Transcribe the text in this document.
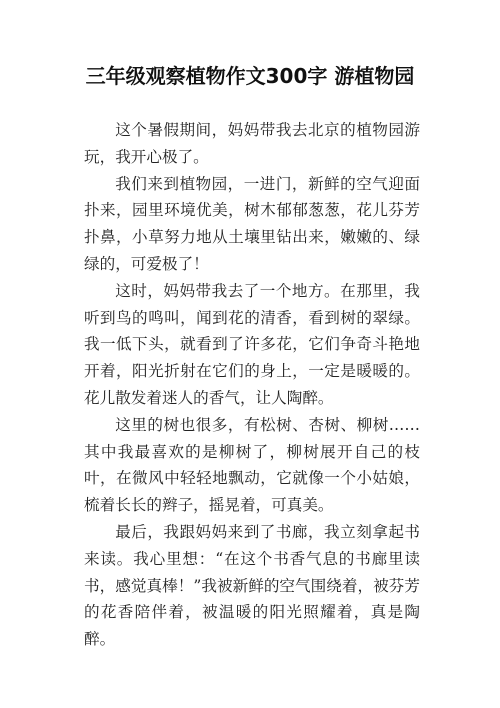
三年级观察植物作文300字 游植物园

这个暑假期间，妈妈带我去北京的植物园游玩，我开心极了。

我们来到植物园，一进门，新鲜的空气迎面扑来，园里环境优美，树木郁郁葱葱，花儿芬芳扑鼻，小草努力地从土壤里钻出来，嫩嫩的、绿绿的，可爱极了！

这时，妈妈带我去了一个地方。在那里，我听到鸟的鸣叫，闻到花的清香，看到树的翠绿。我一低下头，就看到了许多花，它们争奇斗艳地开着，阳光折射在它们的身上，一定是暖暖的。花儿散发着迷人的香气，让人陶醉。

这里的树也很多，有松树、杏树、柳树……其中我最喜欢的是柳树了，柳树展开自己的枝叶，在微风中轻轻地飘动，它就像一个小姑娘，梳着长长的辫子，摇晃着，可真美。

最后，我跟妈妈来到了书廊，我立刻拿起书来读。我心里想：“在这个书香气息的书廊里读书，感觉真棒！”我被新鲜的空气围绕着，被芬芳的花香陪伴着，被温暖的阳光照耀着，真是陶醉。
